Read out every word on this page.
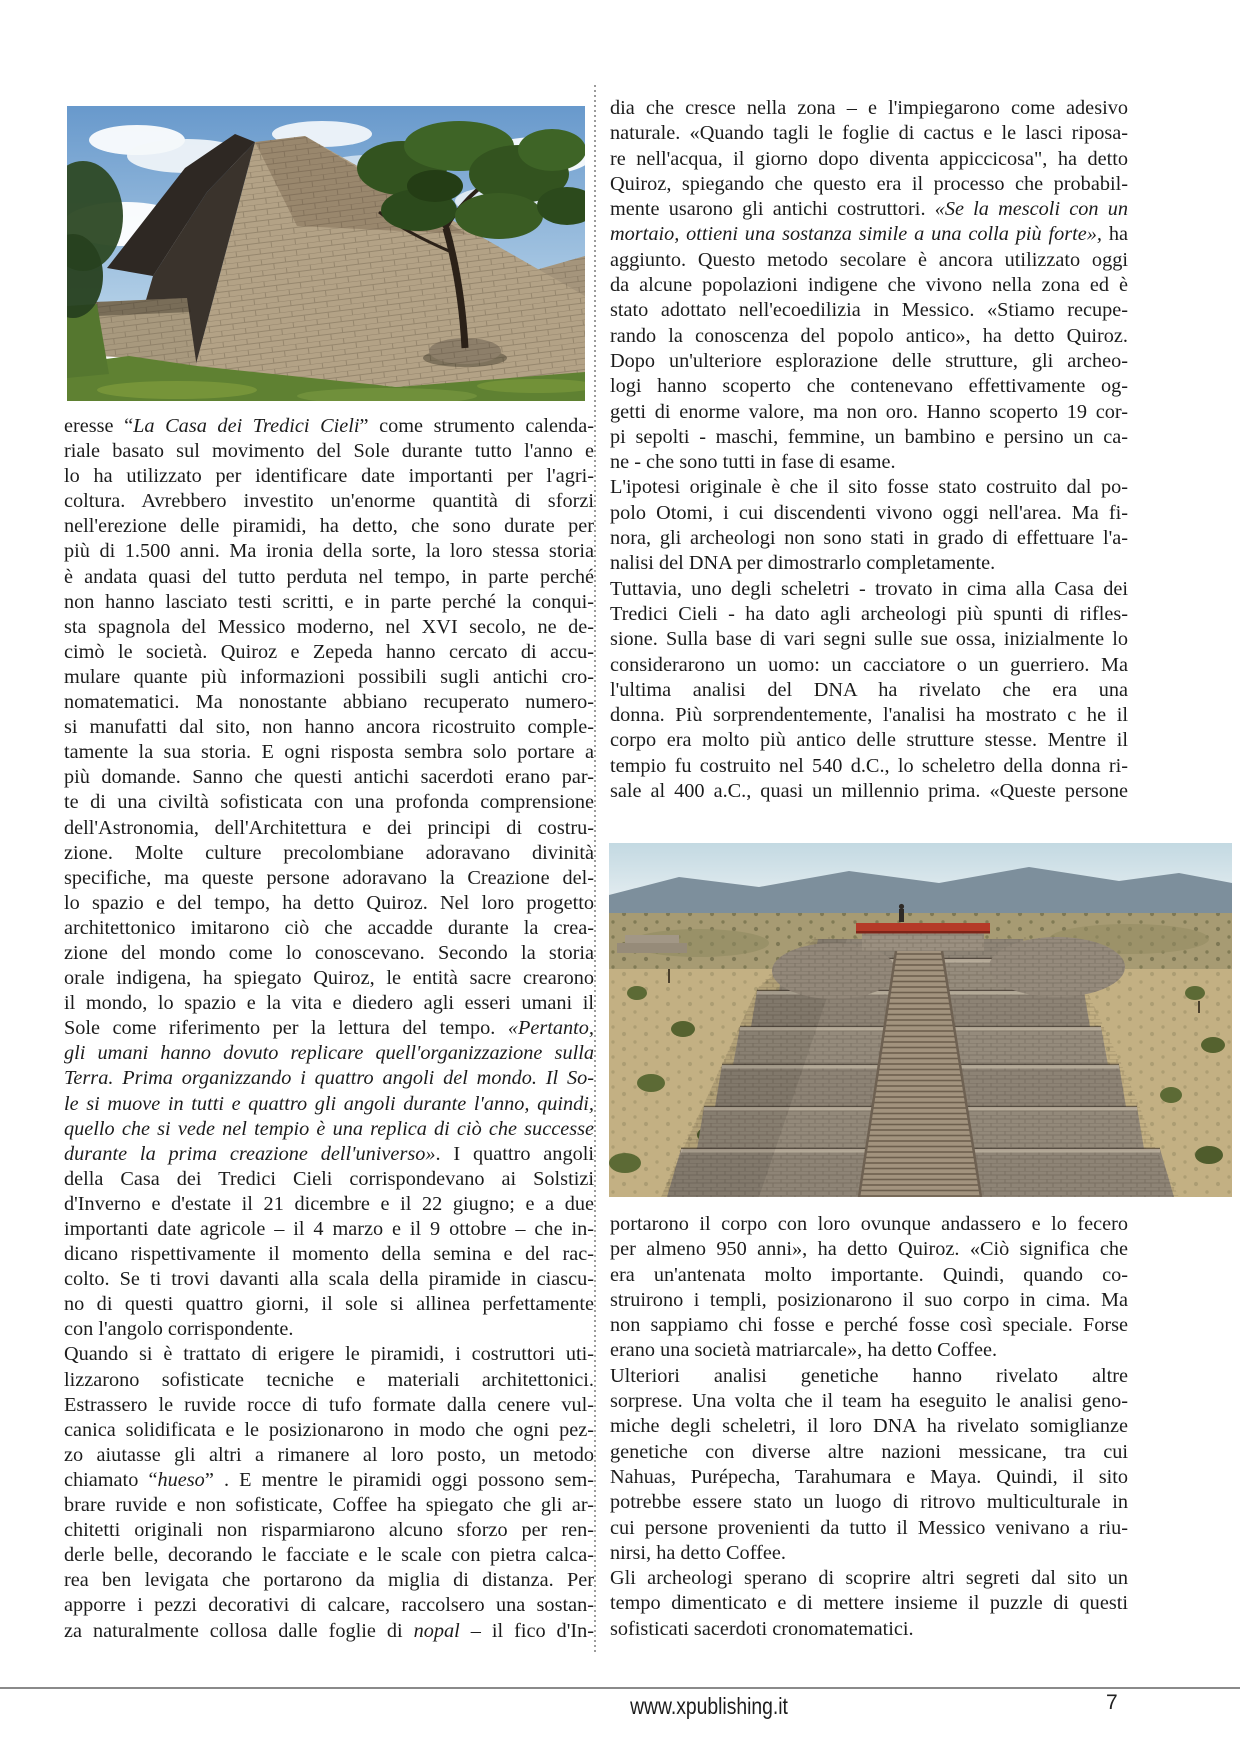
eresse “La Casa dei Tredici Cieli” come strumento calenda-
riale basato sul movimento del Sole durante tutto l'anno e
lo ha utilizzato per identificare date importanti per l'agri-
coltura. Avrebbero investito un'enorme quantità di sforzi
nell'erezione delle piramidi, ha detto, che sono durate per
più di 1.500 anni. Ma ironia della sorte, la loro stessa storia
è andata quasi del tutto perduta nel tempo, in parte perché
non hanno lasciato testi scritti, e in parte perché la conqui-
sta spagnola del Messico moderno, nel XVI secolo, ne de-
cimò le società. Quiroz e Zepeda hanno cercato di accu-
mulare quante più informazioni possibili sugli antichi cro-
nomatematici. Ma nonostante abbiano recuperato numero-
si manufatti dal sito, non hanno ancora ricostruito comple-
tamente la sua storia. E ogni risposta sembra solo portare a
più domande. Sanno che questi antichi sacerdoti erano par-
te di una civiltà sofisticata con una profonda comprensione
dell'Astronomia, dell'Architettura e dei principi di costru-
zione. Molte culture precolombiane adoravano divinità
specifiche, ma queste persone adoravano la Creazione del-
lo spazio e del tempo, ha detto Quiroz. Nel loro progetto
architettonico imitarono ciò che accadde durante la crea-
zione del mondo come lo conoscevano. Secondo la storia
orale indigena, ha spiegato Quiroz, le entità sacre crearono
il mondo, lo spazio e la vita e diedero agli esseri umani il
Sole come riferimento per la lettura del tempo. «Pertanto,
gli umani hanno dovuto replicare quell'organizzazione sulla
Terra. Prima organizzando i quattro angoli del mondo. Il So-
le si muove in tutti e quattro gli angoli durante l'anno, quindi,
quello che si vede nel tempio è una replica di ciò che successe
durante la prima creazione dell'universo». I quattro angoli
della Casa dei Tredici Cieli corrispondevano ai Solstizi
d'Inverno e d'estate il 21 dicembre e il 22 giugno; e a due
importanti date agricole – il 4 marzo e il 9 ottobre – che in-
dicano rispettivamente il momento della semina e del rac-
colto. Se ti trovi davanti alla scala della piramide in ciascu-
no di questi quattro giorni, il sole si allinea perfettamente
con l'angolo corrispondente.
Quando si è trattato di erigere le piramidi, i costruttori uti-
lizzarono sofisticate tecniche e materiali architettonici.
Estrassero le ruvide rocce di tufo formate dalla cenere vul-
canica solidificata e le posizionarono in modo che ogni pez-
zo aiutasse gli altri a rimanere al loro posto, un metodo
chiamato “hueso” . E mentre le piramidi oggi possono sem-
brare ruvide e non sofisticate, Coffee ha spiegato che gli ar-
chitetti originali non risparmiarono alcuno sforzo per ren-
derle belle, decorando le facciate e le scale con pietra calca-
rea ben levigata che portarono da miglia di distanza. Per
apporre i pezzi decorativi di calcare, raccolsero una sostan-
za naturalmente collosa dalle foglie di nopal – il fico d'In-
dia che cresce nella zona – e l'impiegarono come adesivo
naturale. «Quando tagli le foglie di cactus e le lasci riposa-
re nell'acqua, il giorno dopo diventa appiccicosa", ha detto
Quiroz, spiegando che questo era il processo che probabil-
mente usarono gli antichi costruttori. «Se la mescoli con un
mortaio, ottieni una sostanza simile a una colla più forte», ha
aggiunto. Questo metodo secolare è ancora utilizzato oggi
da alcune popolazioni indigene che vivono nella zona ed è
stato adottato nell'ecoedilizia in Messico. «Stiamo recupe-
rando la conoscenza del popolo antico», ha detto Quiroz.
Dopo un'ulteriore esplorazione delle strutture, gli archeo-
logi hanno scoperto che contenevano effettivamente og-
getti di enorme valore, ma non oro. Hanno scoperto 19 cor-
pi sepolti - maschi, femmine, un bambino e persino un ca-
ne - che sono tutti in fase di esame.
L'ipotesi originale è che il sito fosse stato costruito dal po-
polo Otomi, i cui discendenti vivono oggi nell'area. Ma fi-
nora, gli archeologi non sono stati in grado di effettuare l'a-
nalisi del DNA per dimostrarlo completamente.
Tuttavia, uno degli scheletri - trovato in cima alla Casa dei
Tredici Cieli - ha dato agli archeologi più spunti di rifles-
sione. Sulla base di vari segni sulle sue ossa, inizialmente lo
considerarono un uomo: un cacciatore o un guerriero. Ma
l'ultima analisi del DNA ha rivelato che era una
donna. Più sorprendentemente, l'analisi ha mostrato c he il
corpo era molto più antico delle strutture stesse. Mentre il
tempio fu costruito nel 540 d.C., lo scheletro della donna ri-
sale al 400 a.C., quasi un millennio prima. «Queste persone
portarono il corpo con loro ovunque andassero e lo fecero
per almeno 950 anni», ha detto Quiroz. «Ciò significa che
era un'antenata molto importante. Quindi, quando co-
struirono i templi, posizionarono il suo corpo in cima. Ma
non sappiamo chi fosse e perché fosse così speciale. Forse
erano una società matriarcale», ha detto Coffee.
Ulteriori analisi genetiche hanno rivelato altre
sorprese. Una volta che il team ha eseguito le analisi geno-
miche degli scheletri, il loro DNA ha rivelato somiglianze
genetiche con diverse altre nazioni messicane, tra cui
Nahuas, Purépecha, Tarahumara e Maya. Quindi, il sito
potrebbe essere stato un luogo di ritrovo multiculturale in
cui persone provenienti da tutto il Messico venivano a riu-
nirsi, ha detto Coffee.
Gli archeologi sperano di scoprire altri segreti dal sito un
tempo dimenticato e di mettere insieme il puzzle di questi
sofisticati sacerdoti cronomatematici.
www.xpublishing.it	7
